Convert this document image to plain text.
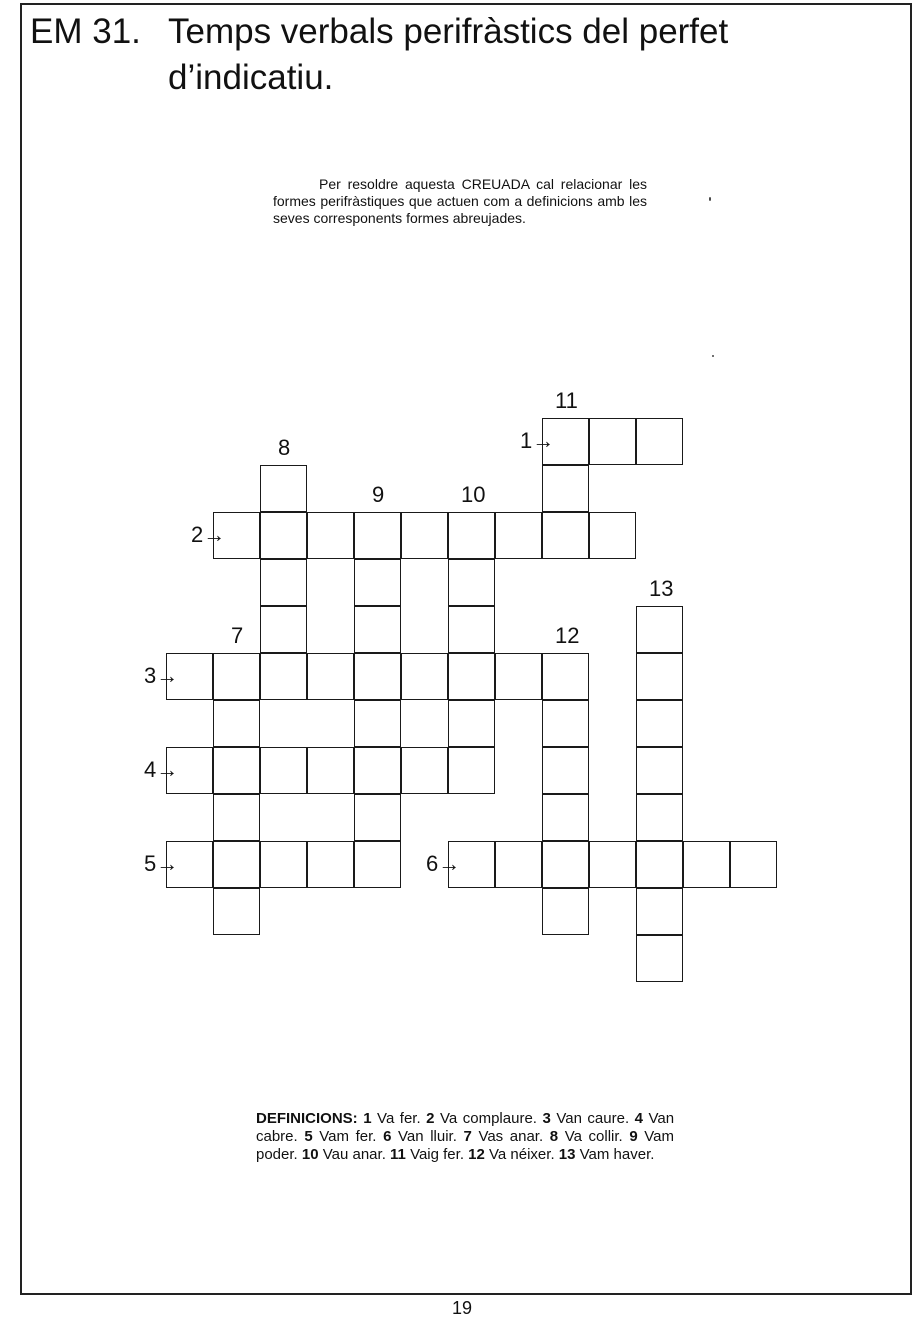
EM 31. Temps verbals perifràstics del perfet
d’indicatiu.
Per resoldre aquesta CREUADA cal relacionar les formes perifràstiques que actuen com a definicions amb les seves corresponents formes abreujades.
1→
2→
3→
4→
5→	6→
7
8
9	10
11
12
13
DEFINICIONS: 1 Va fer. 2 Va complaure. 3 Van caure. 4 Van cabre. 5 Vam fer. 6 Van lluir. 7 Vas anar. 8 Va collir. 9 Vam poder. 10 Vau anar. 11 Vaig fer. 12 Va néixer. 13 Vam haver.
19
